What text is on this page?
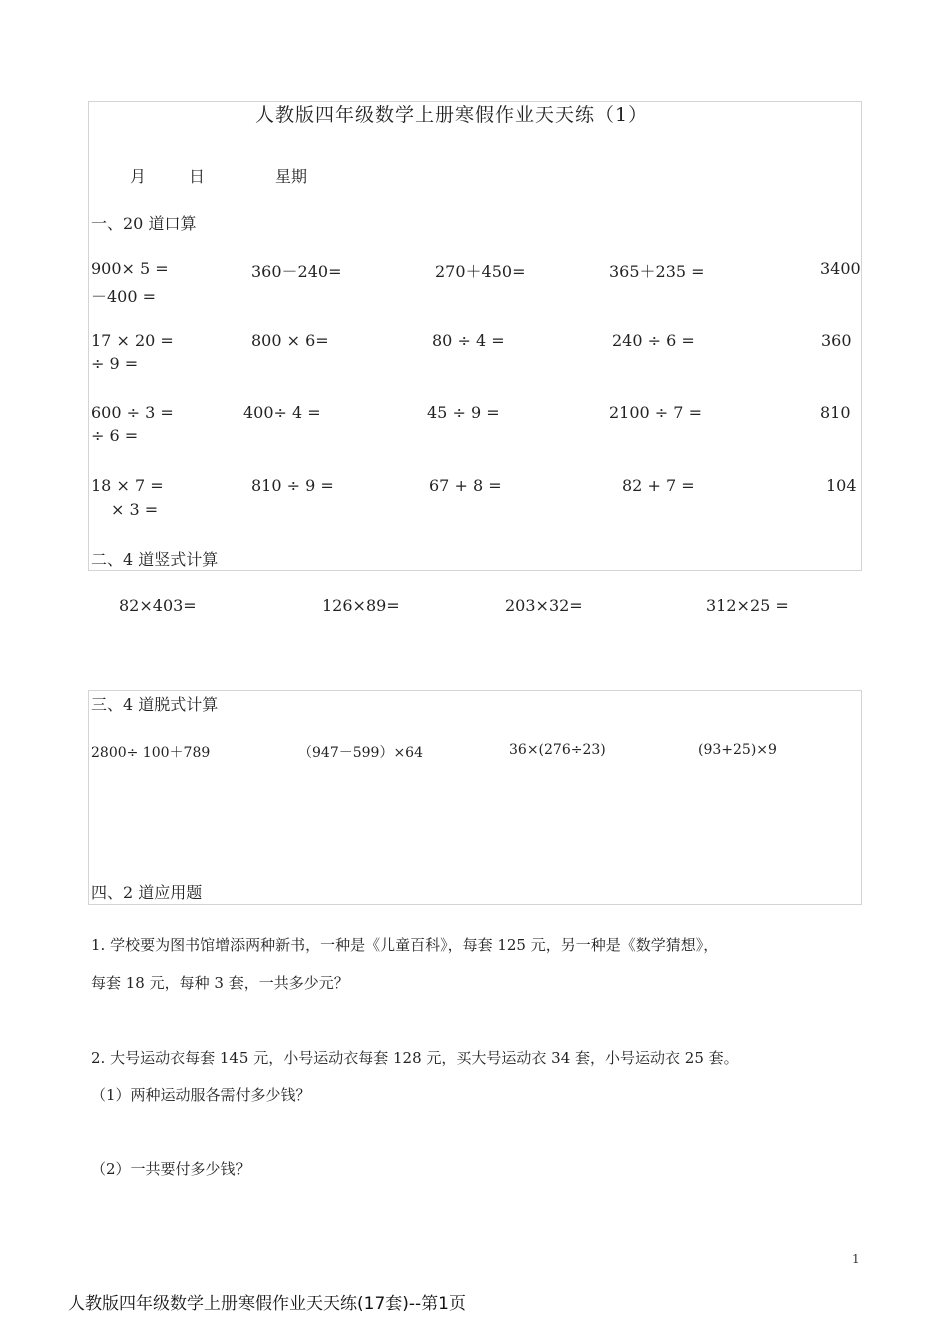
人教版四年级数学上册寒假作业天天练（1）
月	日	星期
一、20 道口算
900× 5 =	360－240=	270＋450=	365＋235 =	3400
－400 =
17 × 20 =	800 × 6=	80 ÷ 4 =	240 ÷ 6 =	360
÷ 9 =
600 ÷ 3 =	400÷ 4 =	45 ÷ 9 =	2100 ÷ 7 =	810
÷ 6 =
18 × 7 =	810 ÷ 9 =	67 + 8 =	82 + 7 =	104
× 3 =
二、4 道竖式计算
82×403=	126×89=	203×32=	312×25 =
三、4 道脱式计算
2800÷ 100＋789	（947－599）×64	36×(276÷23)	(93+25)×9
四、2 道应用题
1. 学校要为图书馆增添两种新书，一种是《儿童百科》，每套 125 元，另一种是《数学猜想》，
每套 18 元，每种 3 套，一共多少元？
2. 大号运动衣每套 145 元，小号运动衣每套 128 元，买大号运动衣 34 套，小号运动衣 25 套。
（1）两种运动服各需付多少钱？
（2）一共要付多少钱？
1
人教版四年级数学上册寒假作业天天练(17套)--第1页
